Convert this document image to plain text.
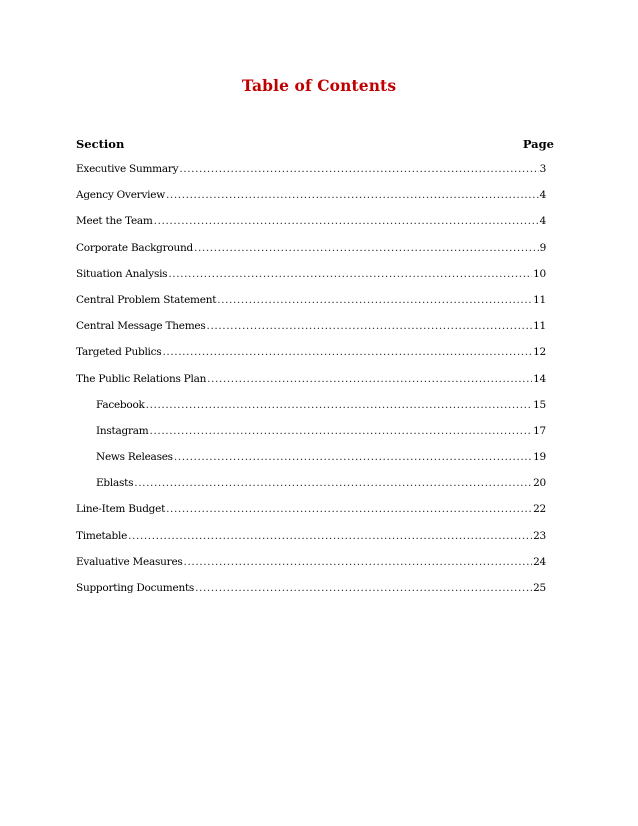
Table of Contents
Section	Page
Executive Summary .....	3
Agency Overview .....	4
Meet the Team .....	4
Corporate Background .....	9
Situation Analysis .....	10
Central Problem Statement .....	11
Central Message Themes .....	11
Targeted Publics .....	12
The Public Relations Plan .....	14
Facebook .....	15
Instagram .....	17
News Releases .....	19
Eblasts .....	20
Line-Item Budget .....	22
Timetable .....	23
Evaluative Measures .....	24
Supporting Documents .....	25
